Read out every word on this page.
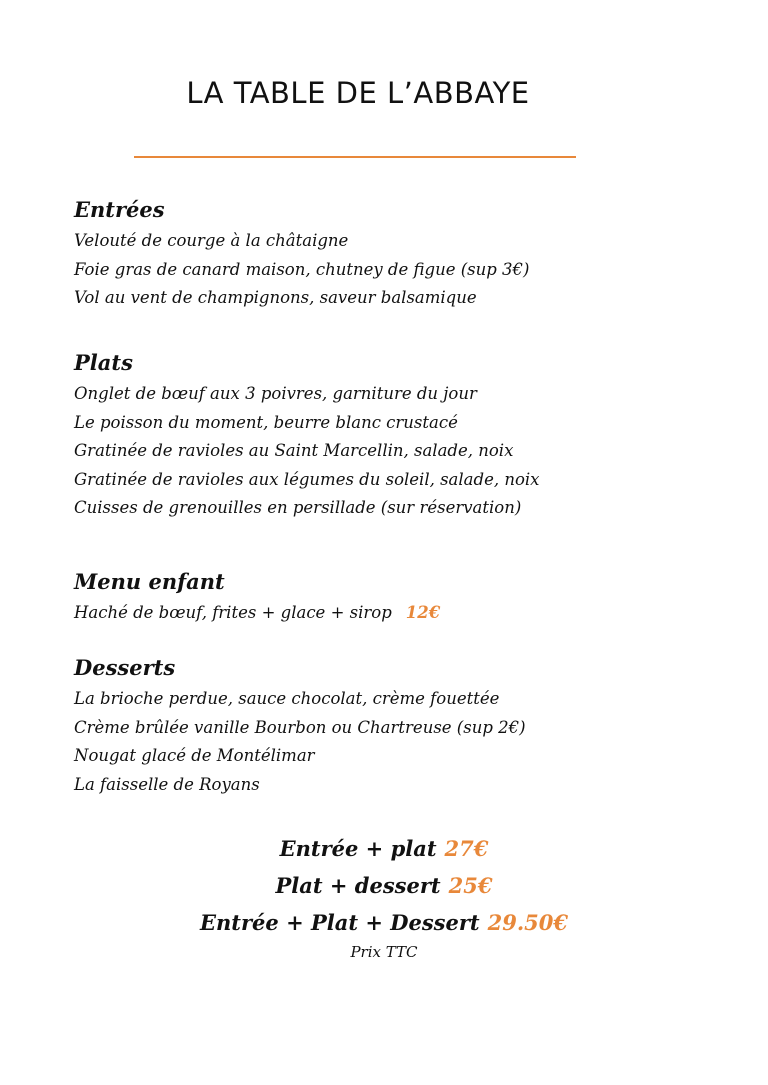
LA TABLE DE L’ABBAYE

Entrées

Velouté de courge à la châtaigne

Foie gras de canard maison, chutney de figue (sup 3€)

Vol au vent de champignons, saveur balsamique

Plats

Onglet de bœuf aux 3 poivres, garniture du jour

Le poisson du moment, beurre blanc crustacé

Gratinée de ravioles au Saint Marcellin, salade, noix

Gratinée de ravioles aux légumes du soleil, salade, noix

Cuisses de grenouilles en persillade (sur réservation)

Menu enfant

Haché de bœuf, frites + glace + sirop 12€

Desserts

La brioche perdue, sauce chocolat, crème fouettée

Crème brûlée vanille Bourbon ou Chartreuse (sup 2€)

Nougat glacé de Montélimar

La faisselle de Royans

Entrée + plat 27€

Plat + dessert 25€

Entrée + Plat + Dessert 29.50€

Prix TTC
